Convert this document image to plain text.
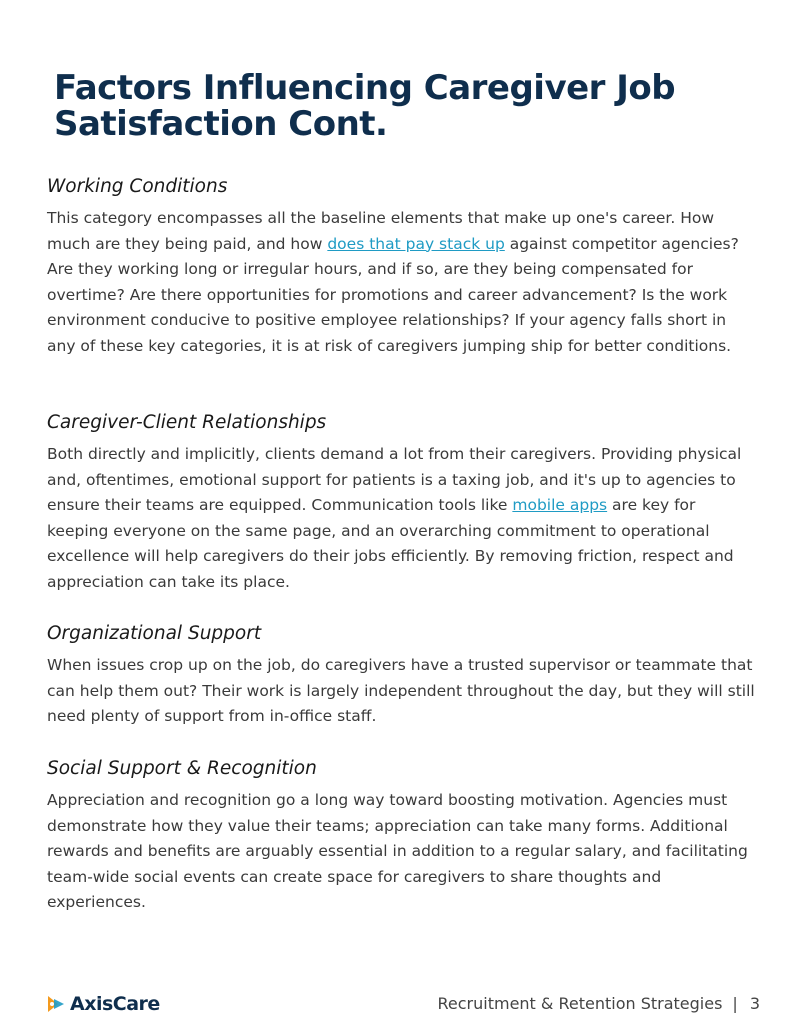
Factors Influencing Caregiver Job Satisfaction Cont.
Working Conditions

This category encompasses all the baseline elements that make up one's career. How much are they being paid, and how does that pay stack up against competitor agencies? Are they working long or irregular hours, and if so, are they being compensated for overtime? Are there opportunities for promotions and career advancement? Is the work environment conducive to positive employee relationships? If your agency falls short in any of these key categories, it is at risk of caregivers jumping ship for better conditions.

Caregiver-Client Relationships

Both directly and implicitly, clients demand a lot from their caregivers. Providing physical and, oftentimes, emotional support for patients is a taxing job, and it's up to agencies to ensure their teams are equipped. Communication tools like mobile apps are key for keeping everyone on the same page, and an overarching commitment to operational excellence will help caregivers do their jobs efficiently. By removing friction, respect and appreciation can take its place.

Organizational Support

When issues crop up on the job, do caregivers have a trusted supervisor or teammate that can help them out? Their work is largely independent throughout the day, but they will still need plenty of support from in-office staff.

Social Support & Recognition

Appreciation and recognition go a long way toward boosting motivation. Agencies must demonstrate how they value their teams; appreciation can take many forms. Additional rewards and benefits are arguably essential in addition to a regular salary, and facilitating team-wide social events can create space for caregivers to share thoughts and experiences.

AxisCare	Recruitment & Retention Strategies | 3
